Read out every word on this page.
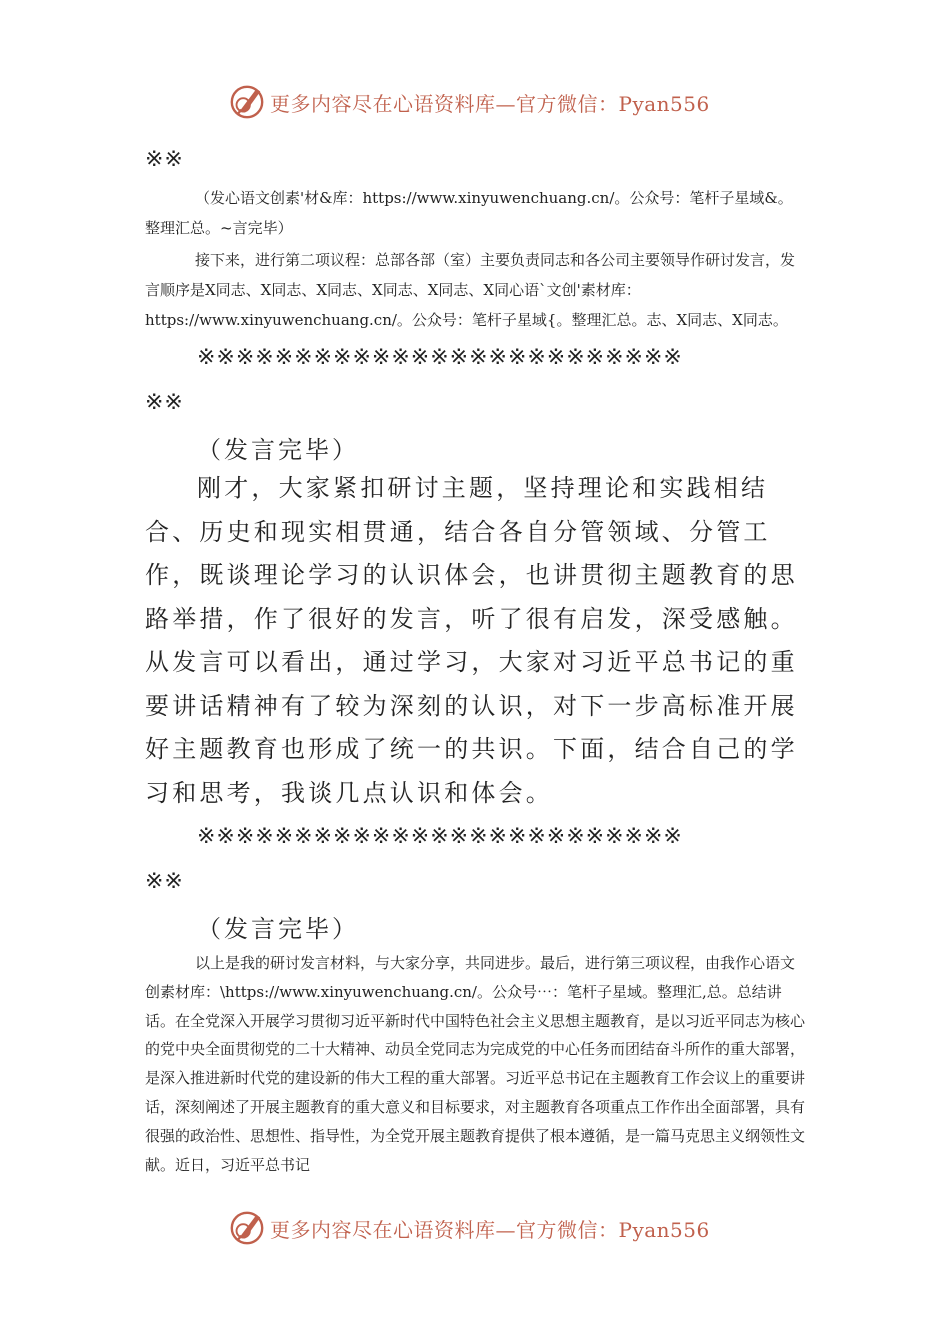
更多内容尽在心语资料库—官方微信：Pyan556

※※

（发心语文创素'材&库：https://www.xinyuwenchuang.cn/。公众号：笔杆子星域&。整理汇总。~言完毕）

接下来，进行第二项议程：总部各部（室）主要负责同志和各公司主要领导作研讨发言，发言顺序是X同志、X同志、X同志、X同志、X同志、X同心语`文创'素材库：https://www.xinyuwenchuang.cn/。公众号：笔杆子星域{。整理汇总。志、X同志、X同志。

※※※※※※※※※※※※※※※※※※※※※※※※※

※※

（发言完毕）

刚才，大家紧扣研讨主题，坚持理论和实践相结合、历史和现实相贯通，结合各自分管领域、分管工作，既谈理论学习的认识体会，也讲贯彻主题教育的思路举措，作了很好的发言，听了很有启发，深受感触。从发言可以看出，通过学习，大家对习近平总书记的重要讲话精神有了较为深刻的认识，对下一步高标准开展好主题教育也形成了统一的共识。下面，结合自己的学习和思考，我谈几点认识和体会。

※※※※※※※※※※※※※※※※※※※※※※※※※

※※

（发言完毕）

以上是我的研讨发言材料，与大家分享，共同进步。最后，进行第三项议程，由我作心语文创素材库：\https://www.xinyuwenchuang.cn/。公众号⋯：笔杆子星域。整理汇,总。总结讲话。在全党深入开展学习贯彻习近平新时代中国特色社会主义思想主题教育，是以习近平同志为核心的党中央全面贯彻党的二十大精神、动员全党同志为完成党的中心任务而团结奋斗所作的重大部署，是深入推进新时代党的建设新的伟大工程的重大部署。习近平总书记在主题教育工作会议上的重要讲话，深刻阐述了开展主题教育的重大意义和目标要求，对主题教育各项重点工作作出全面部署，具有很强的政治性、思想性、指导性，为全党开展主题教育提供了根本遵循，是一篇马克思主义纲领性文献。近日，习近平总书记

更多内容尽在心语资料库—官方微信：Pyan556
